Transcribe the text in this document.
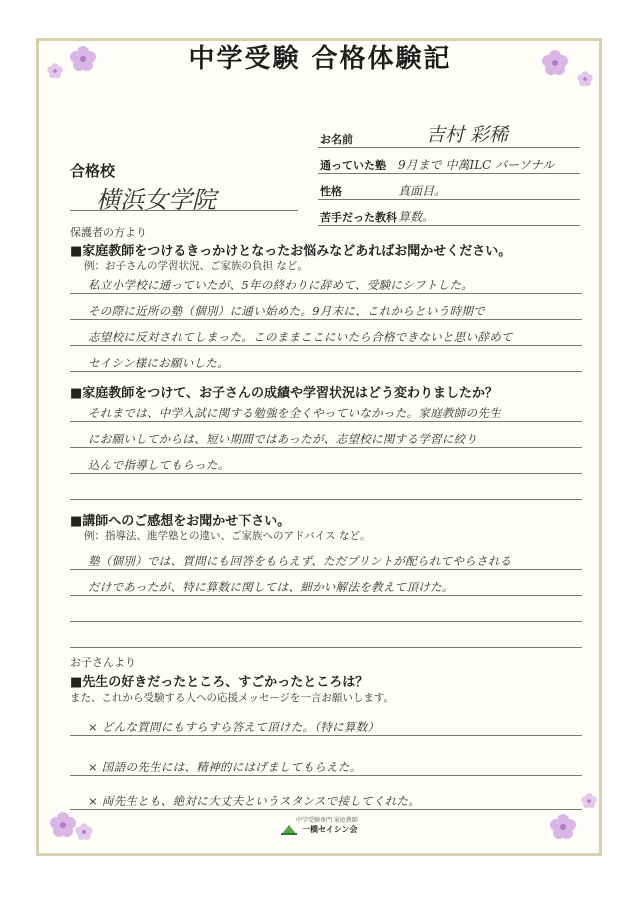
中学受験 合格体験記
お名前	吉村 彩稀
通っていた塾	9月まで 中萬ILC パーソナル
性格	真面目。
苦手だった教科 算数。
合格校
横浜女学院
保護者の方より
■家庭教師をつけるきっかけとなったお悩みなどあればお聞かせください。
例：お子さんの学習状況、ご家族の負担 など。
私立小学校に通っていたが、5年の終わりに辞めて、受験にシフトした。
その際に近所の塾（個別）に通い始めた。9月末に、これからという時期で
志望校に反対されてしまった。このままここにいたら合格できないと思い辞めて
セイシン様にお願いした。
■家庭教師をつけて、お子さんの成績や学習状況はどう変わりましたか？
それまでは、中学入試に関する勉強を全くやっていなかった。家庭教師の先生
にお願いしてからは、短い期間ではあったが、志望校に関する学習に絞り
込んで指導してもらった。
■講師へのご感想をお聞かせ下さい。
例：指導法、進学塾との違い、ご家族へのアドバイス など。
塾（個別）では、質問にも回答をもらえず、ただプリントが配られてやらされる
だけであったが、特に算数に関しては、細かい解法を教えて頂けた。
お子さんより
■先生の好きだったところ、すごかったところは？
また、これから受験する人への応援メッセージを一言お願いします。
× どんな質問にもすらすら答えて頂けた。（特に算数）
× 国語の先生には、精神的にはげましてもらえた。
× 両先生とも、絶対に大丈夫というスタンスで接してくれた。
中学受験専門 家庭教師
一橋セイシン会
